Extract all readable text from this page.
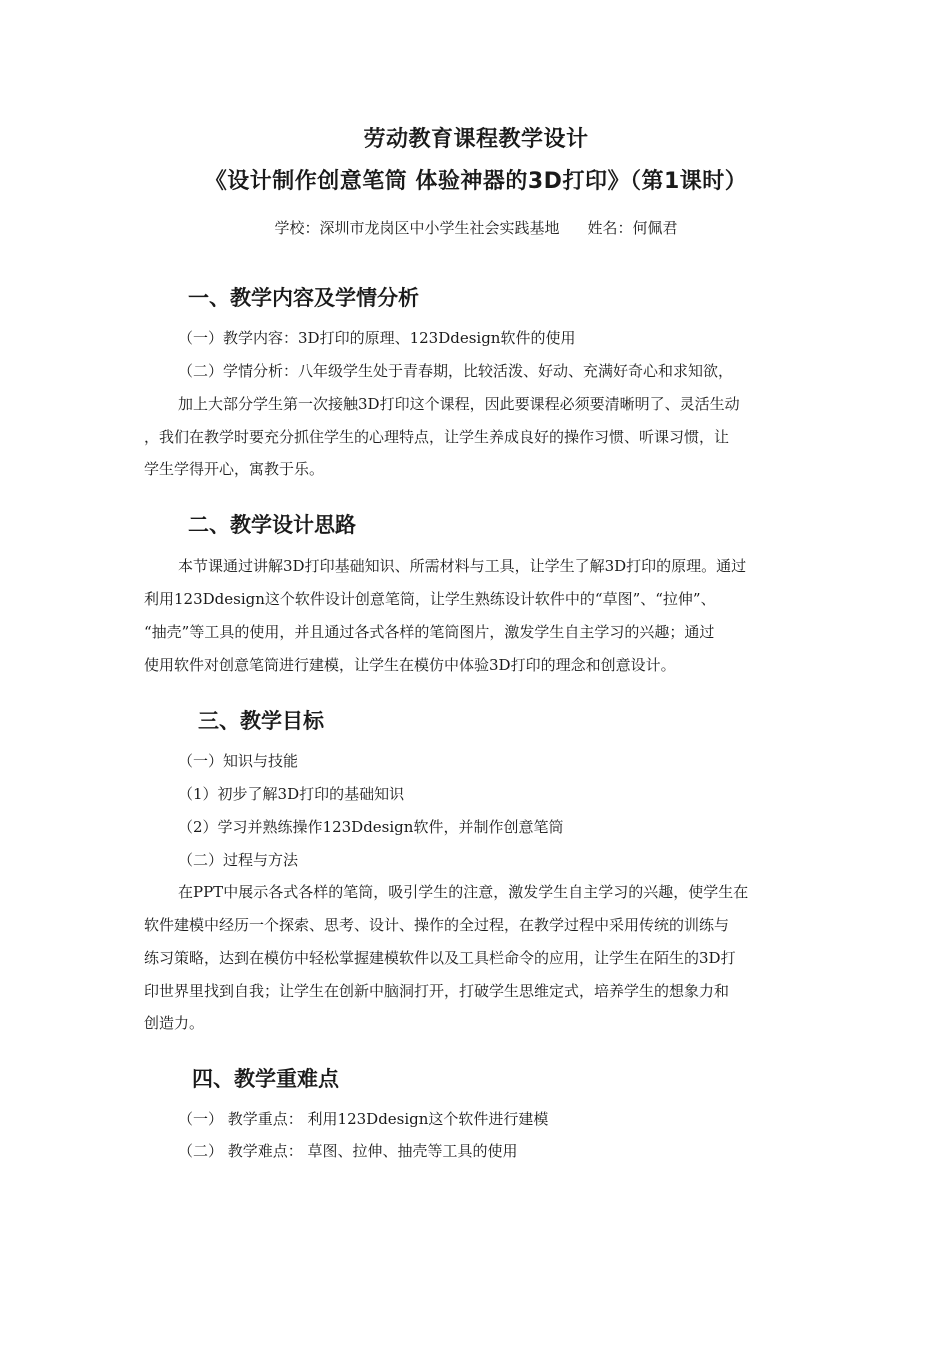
劳动教育课程教学设计
《设计制作创意笔筒 体验神器的3D打印》（第1课时）
学校：深圳市龙岗区中小学生社会实践基地 姓名：何佩君
一、教学内容及学情分析
（一）教学内容：3D打印的原理、123Ddesign软件的使用
（二）学情分析：八年级学生处于青春期，比较活泼、好动、充满好奇心和求知欲，
加上大部分学生第一次接触3D打印这个课程，因此要课程必须要清晰明了、灵活生动
，我们在教学时要充分抓住学生的心理特点，让学生养成良好的操作习惯、听课习惯，让
学生学得开心，寓教于乐。
二、教学设计思路
本节课通过讲解3D打印基础知识、所需材料与工具，让学生了解3D打印的原理。通过
利用123Ddesign这个软件设计创意笔筒，让学生熟练设计软件中的“草图”、“拉伸”、
“抽壳”等工具的使用，并且通过各式各样的笔筒图片，激发学生自主学习的兴趣；通过
使用软件对创意笔筒进行建模，让学生在模仿中体验3D打印的理念和创意设计。
三、教学目标
（一）知识与技能
（1）初步了解3D打印的基础知识
（2）学习并熟练操作123Ddesign软件，并制作创意笔筒
（二）过程与方法
在PPT中展示各式各样的笔筒，吸引学生的注意，激发学生自主学习的兴趣，使学生在
软件建模中经历一个探索、思考、设计、操作的全过程，在教学过程中采用传统的训练与
练习策略，达到在模仿中轻松掌握建模软件以及工具栏命令的应用，让学生在陌生的3D打
印世界里找到自我；让学生在创新中脑洞打开，打破学生思维定式，培养学生的想象力和
创造力。
四、教学重难点
（一） 教学重点： 利用123Ddesign这个软件进行建模
（二） 教学难点： 草图、拉伸、抽壳等工具的使用
